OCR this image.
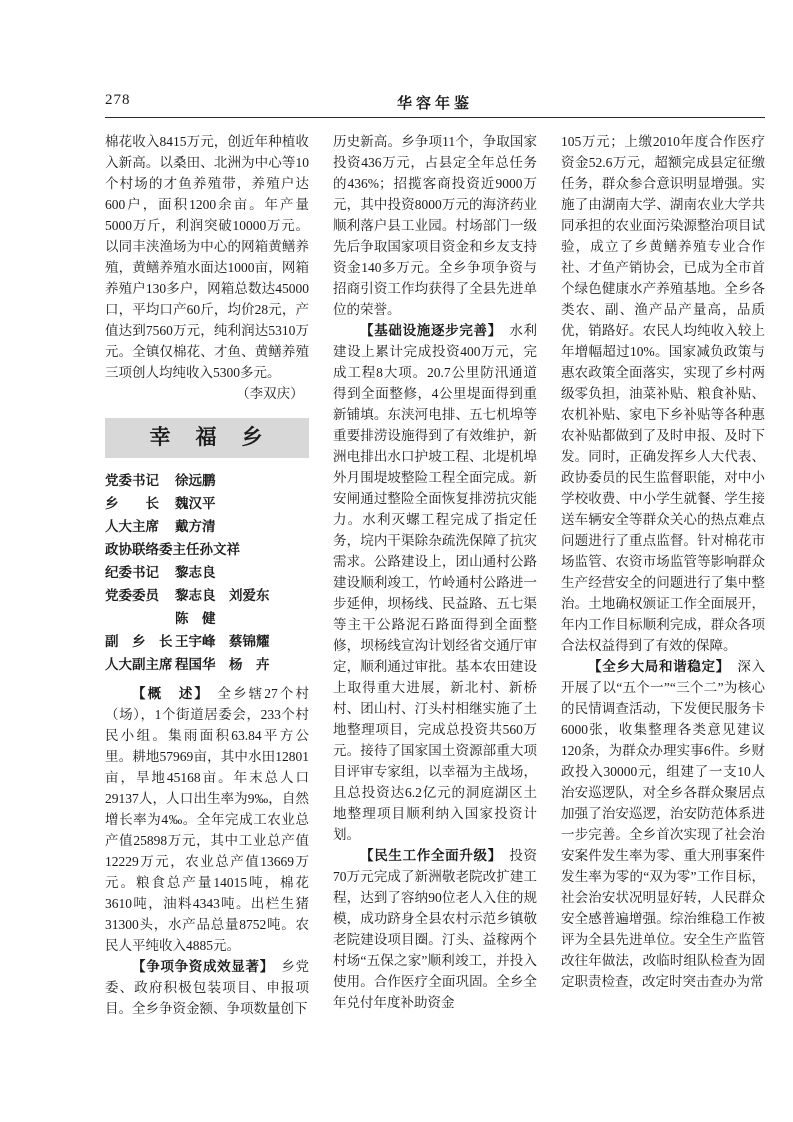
278	华容年鉴

棉花收入8415万元，创近年种植收入新高。以桑田、北洲为中心等10个村场的才鱼养殖带，养殖户达600户，面积1200余亩。年产量5000万斤，利润突破10000万元。以同丰浃渔场为中心的网箱黄鳝养殖，黄鳝养殖水面达1000亩，网箱养殖户130多户，网箱总数达45000口，平均口产60斤，均价28元，产值达到7560万元，纯利润达5310万元。全镇仅棉花、才鱼、黄鳝养殖三项创人均纯收入5300多元。

（李双庆）

幸　福　乡
党委书记 徐远鹏
乡　　长 魏汉平
人大主席 戴方清
政协联络委主任孙文祥
纪委书记 黎志良
党委委员 黎志良　刘爱东
陈　健
副　乡　长 王宇峰　蔡锦耀
人大副主席 程国华　杨　卉

【概　述】 全乡辖27个村（场），1个街道居委会，233个村民小组。集雨面积63.84平方公里。耕地57969亩，其中水田12801亩，旱地45168亩。年末总人口29137人，人口出生率为9‰，自然增长率为4‰。全年完成工农业总产值25898万元，其中工业总产值12229万元，农业总产值13669万元。粮食总产量14015吨，棉花3610吨，油料4343吨。出栏生猪31300头，水产品总量8752吨。农民人平纯收入4885元。

【争项争资成效显著】 乡党委、政府积极包装项目、申报项目。全乡争资金额、争项数量创下

历史新高。乡争项11个，争取国家投资436万元，占县定全年总任务的436%；招揽客商投资近9000万元，其中投资8000万元的海济药业顺利落户县工业园。村场部门一级先后争取国家项目资金和乡友支持资金140多万元。全乡争项争资与招商引资工作均获得了全县先进单位的荣誉。

【基础设施逐步完善】 水利建设上累计完成投资400万元，完成工程8大项。20.7公里防汛通道得到全面整修，4公里堤面得到重新铺填。东浃河电排、五七机埠等重要排涝设施得到了有效维护，新洲电排出水口护坡工程、北堤机埠外月围堤坡整险工程全面完成。新安闸通过整险全面恢复排涝抗灾能力。水利灭螺工程完成了指定任务，垸内干渠除杂疏洗保障了抗灾需求。公路建设上，团山通村公路建设顺利竣工，竹岭通村公路进一步延伸，坝杨线、民益路、五七渠等主干公路泥石路面得到全面整修，坝杨线宣沟计划经省交通厅审定，顺利通过审批。基本农田建设上取得重大进展，新北村、新桥村、团山村、汀头村相继实施了土地整理项目，完成总投资共560万元。接待了国家国土资源部重大项目评审专家组，以幸福为主战场，且总投资达6.2亿元的洞庭湖区土地整理项目顺利纳入国家投资计划。

【民生工作全面升级】 投资70万元完成了新洲敬老院改扩建工程，达到了容纳90位老人入住的规模，成功跻身全县农村示范乡镇敬老院建设项目圈。汀头、益稼两个村场“五保之家”顺利竣工，并投入使用。合作医疗全面巩固。全乡全年兑付年度补助资金

105万元；上缴2010年度合作医疗资金52.6万元，超额完成县定征缴任务，群众参合意识明显增强。实施了由湖南大学、湖南农业大学共同承担的农业面污染源整治项目试验，成立了乡黄鳝养殖专业合作社、才鱼产销协会，已成为全市首个绿色健康水产养殖基地。全乡各类农、副、渔产品产量高，品质优，销路好。农民人均纯收入较上年增幅超过10%。国家减负政策与惠农政策全面落实，实现了乡村两级零负担，油菜补贴、粮食补贴、农机补贴、家电下乡补贴等各种惠农补贴都做到了及时申报、及时下发。同时，正确发挥乡人大代表、政协委员的民生监督职能，对中小学校收费、中小学生就餐、学生接送车辆安全等群众关心的热点难点问题进行了重点监督。针对棉花市场监管、农资市场监管等影响群众生产经营安全的问题进行了集中整治。土地确权颁证工作全面展开，年内工作目标顺利完成，群众各项合法权益得到了有效的保障。

【全乡大局和谐稳定】 深入开展了以“五个一”“三个二”为核心的民情调查活动，下发便民服务卡6000张，收集整理各类意见建议120条，为群众办理实事6件。乡财政投入30000元，组建了一支10人治安巡逻队，对全乡各群众聚居点加强了治安巡逻，治安防范体系进一步完善。全乡首次实现了社会治安案件发生率为零、重大刑事案件发生率为零的“双为零”工作目标，社会治安状况明显好转，人民群众安全感普遍增强。综治维稳工作被评为全县先进单位。安全生产监管改往年做法，改临时组队检查为固定职责检查，改定时突击查办为常
